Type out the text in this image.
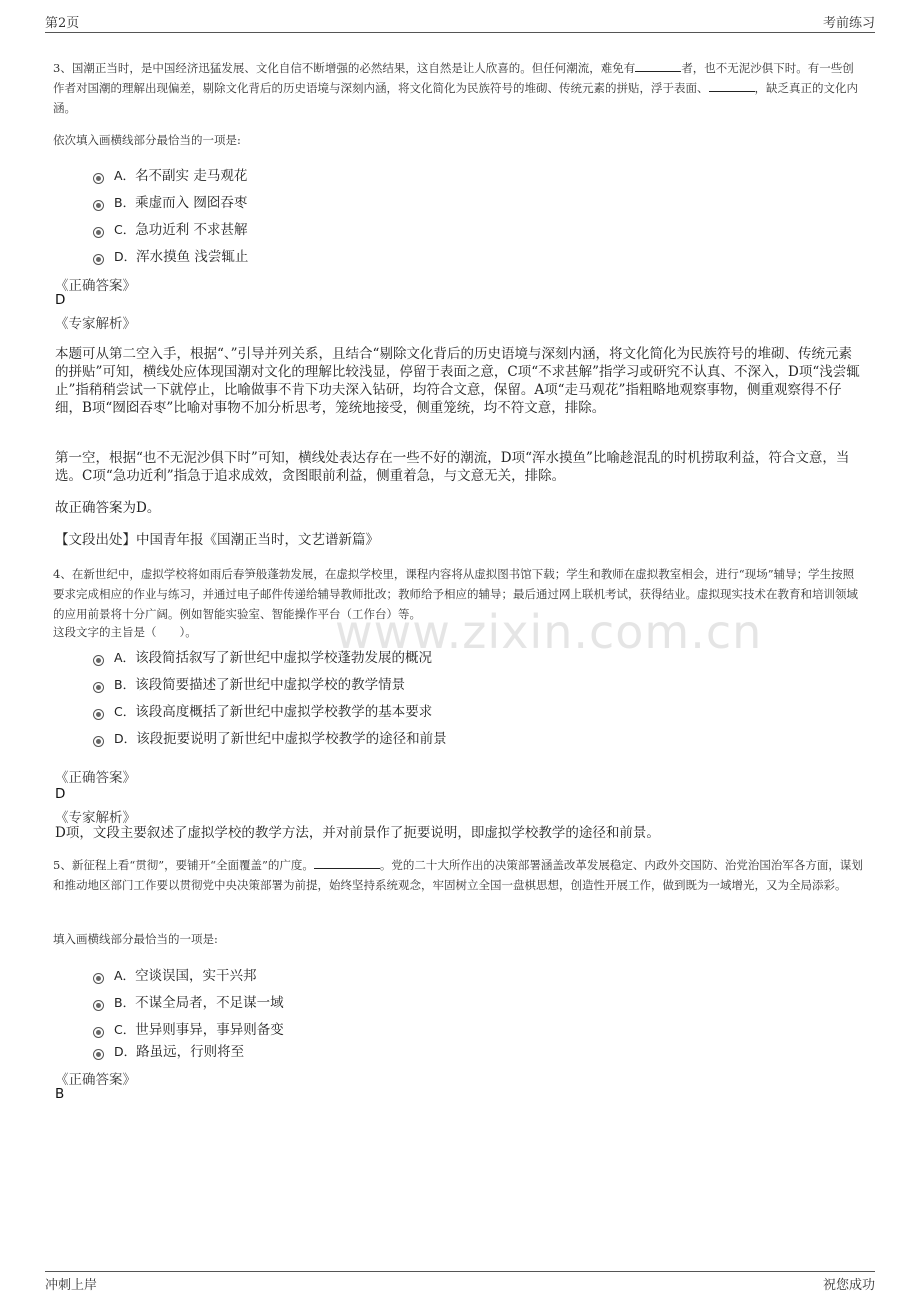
第2页	考前练习
www.zixin.com.cn
3、国潮正当时，是中国经济迅猛发展、文化自信不断增强的必然结果，这自然是让人欣喜的。但任何潮流，难免有	者，也不无泥沙俱下时。有一些创作者对国潮的理解出现偏差，剔除文化背后的历史语境与深刻内涵，将文化简化为民族符号的堆砌、传统元素的拼贴，浮于表面、	，缺乏真正的文化内涵。
依次填入画横线部分最恰当的一项是:
A．名不副实 走马观花
B．乘虚而入 囫囵吞枣
C．急功近利 不求甚解
D．浑水摸鱼 浅尝辄止
《正确答案》
D
《专家解析》
本题可从第二空入手，根据“、”引导并列关系，且结合“剔除文化背后的历史语境与深刻内涵，将文化简化为民族符号的堆砌、传统元素的拼贴”可知，横线处应体现国潮对文化的理解比较浅显，停留于表面之意，C项“不求甚解”指学习或研究不认真、不深入，D项“浅尝辄止”指稍稍尝试一下就停止，比喻做事不肯下功夫深入钻研，均符合文意，保留。A项“走马观花”指粗略地观察事物，侧重观察得不仔细，B项“囫囵吞枣”比喻对事物不加分析思考，笼统地接受，侧重笼统，均不符文意，排除。
第一空，根据“也不无泥沙俱下时”可知，横线处表达存在一些不好的潮流，D项“浑水摸鱼”比喻趁混乱的时机捞取利益，符合文意，当选。C项“急功近利”指急于追求成效，贪图眼前利益，侧重着急，与文意无关，排除。
故正确答案为D。
【文段出处】中国青年报《国潮正当时，文艺谱新篇》
4、在新世纪中，虚拟学校将如雨后春笋般蓬勃发展，在虚拟学校里，课程内容将从虚拟图书馆下载；学生和教师在虚拟教室相会，进行“现场”辅导；学生按照要求完成相应的作业与练习，并通过电子邮件传递给辅导教师批改；教师给予相应的辅导；最后通过网上联机考试，获得结业。虚拟现实技术在教育和培训领域的应用前景将十分广阔。例如智能实验室、智能操作平台（工作台）等。
这段文字的主旨是（　　）。
A．该段简括叙写了新世纪中虚拟学校蓬勃发展的概况
B．该段简要描述了新世纪中虚拟学校的教学情景
C．该段高度概括了新世纪中虚拟学校教学的基本要求
D．该段扼要说明了新世纪中虚拟学校教学的途径和前景
《正确答案》
D
《专家解析》
D项，文段主要叙述了虚拟学校的教学方法，并对前景作了扼要说明，即虚拟学校教学的途径和前景。
5、新征程上看“贯彻”，要铺开“全面覆盖”的广度。	。党的二十大所作出的决策部署涵盖改革发展稳定、内政外交国防、治党治国治军各方面，谋划和推动地区部门工作要以贯彻党中央决策部署为前提，始终坚持系统观念，牢固树立全国一盘棋思想，创造性开展工作，做到既为一域增光，又为全局添彩。
填入画横线部分最恰当的一项是:
A．空谈误国，实干兴邦
B．不谋全局者，不足谋一域
C．世异则事异，事异则备变
D．路虽远，行则将至
《正确答案》
B
冲刺上岸	祝您成功
